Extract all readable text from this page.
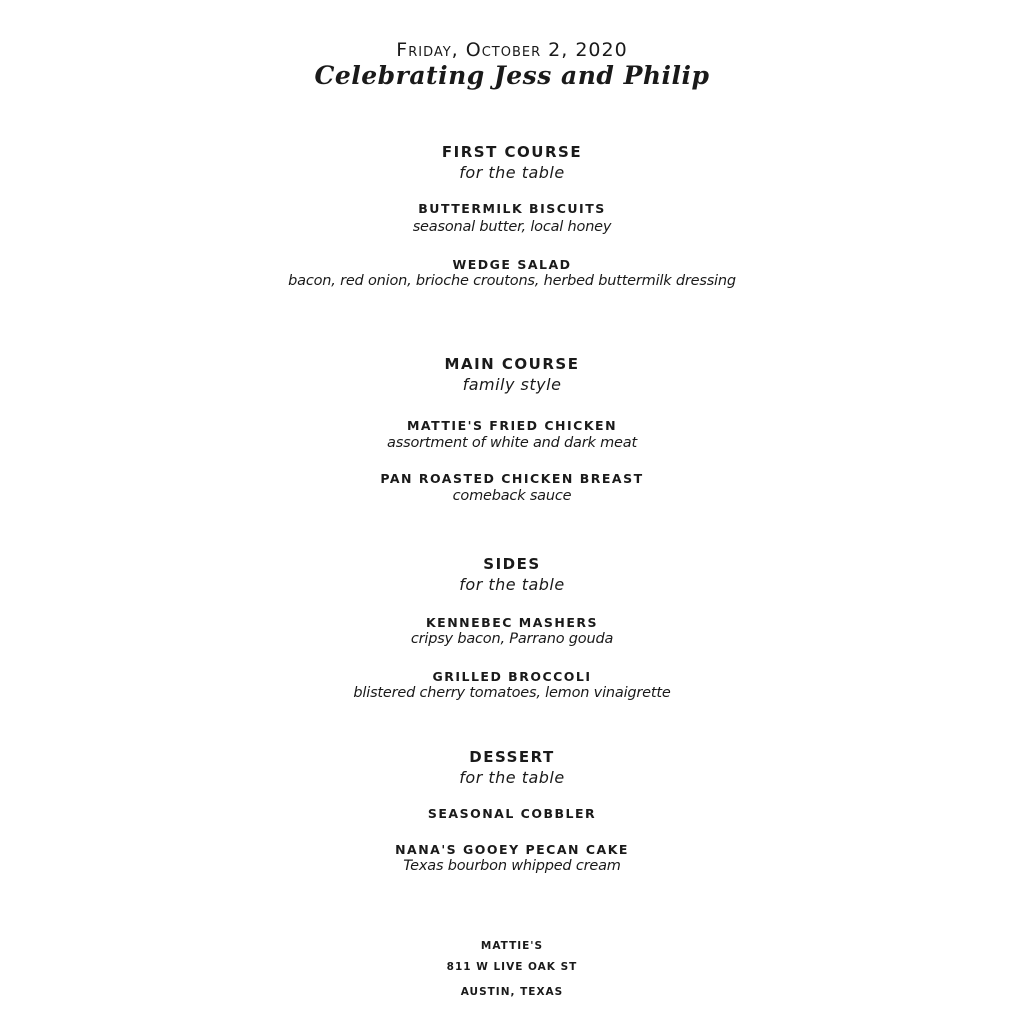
Friday, October 2, 2020

Celebrating Jess and Philip

FIRST COURSE

for the table

BUTTERMILK BISCUITS

seasonal butter, local honey

WEDGE SALAD

bacon, red onion, brioche croutons, herbed buttermilk dressing

MAIN COURSE

family style

MATTIE'S FRIED CHICKEN

assortment of white and dark meat

PAN ROASTED CHICKEN BREAST

comeback sauce

SIDES

for the table

KENNEBEC MASHERS

cripsy bacon, Parrano gouda

GRILLED BROCCOLI

blistered cherry tomatoes, lemon vinaigrette

DESSERT

for the table

SEASONAL COBBLER

NANA'S GOOEY PECAN CAKE

Texas bourbon whipped cream

MATTIE'S

811 W LIVE OAK ST

AUSTIN, TEXAS
